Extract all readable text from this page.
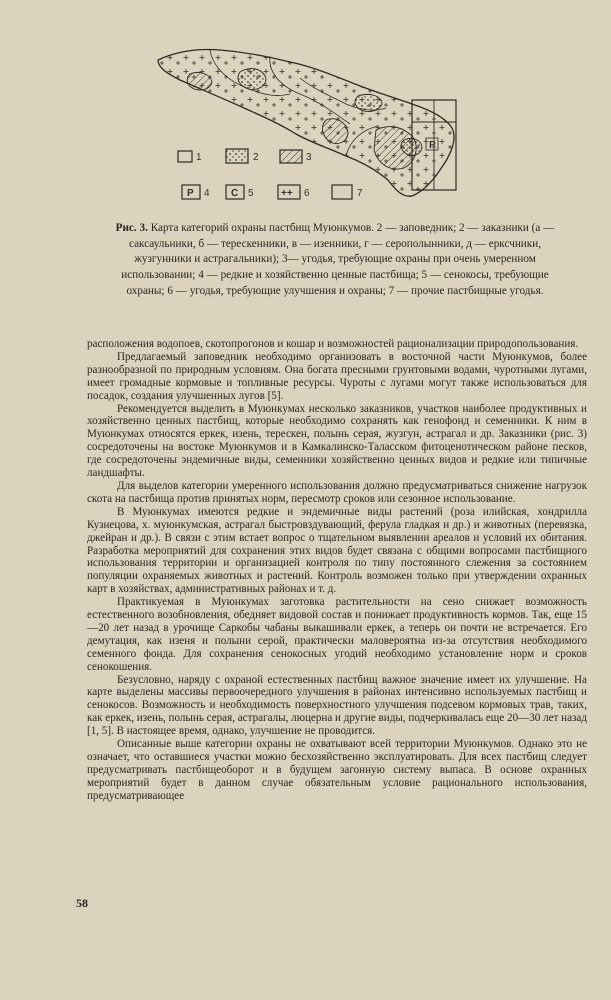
Р
1	2	3
Р 4 С 5	++ 6	7

Рис. 3. Карта категорий охраны пастбищ Муюнкумов. 2 — заповедник; 2 — заказники (а — саксаульники, б — терескенники, в — изенники, г — серополынники, д — ерксчники, жузгунники и астрагальники); 3— угодья, требующие охраны при очень умеренном использовании; 4 — редкие и хозяйственно ценные пастбища; 5 — сенокосы, требующие охраны; 6 — угодья, требующие улучшения и охраны; 7 — прочие пастбищные угодья.

расположения водопоев, скотопрогонов и кошар и возможностей рационализации природопользования.

Предлагаемый заповедник необходимо организовать в восточной части Муюнкумов, более разнообразной по природным условиям. Она богата пресными грунтовыми водами, чуротными лугами, имеет громадные кормовые и топливные ресурсы. Чуроты с лугами могут также использоваться для посадок, создания улучшенных лугов [5].

Рекомендуется выделить в Муюнкумах несколько заказников, участков наиболее продуктивных и хозяйственно ценных пастбищ, которые необходимо сохранять как генофонд и семенники. К ним в Муюнкумах относятся еркек, изень, терескен, полынь серая, жузгун, астрагал и др. Заказники (рис. 3) сосредоточены на востоке Муюнкумов и в Камкалинско-Таласском фитоценотическом районе песков, где сосредоточены эндемичные виды, семенники хозяйственно ценных видов и редкие или типичные ландшафты.

Для выделов категории умеренного использования должно предусматриваться снижение нагрузок скота на пастбища против принятых норм, пересмотр сроков или сезонное использование.

В Муюнкумах имеются редкие и эндемичные виды растений (роза илийская, хондрилла Кузнецова, х. муюнкумская, астрагал быстровздувающий, ферула гладкая и др.) и животных (перевязка, джейран и др.). В связи с этим встает вопрос о тщательном выявлении ареалов и условий их обитания. Разработка мероприятий для сохранения этих видов будет связана с общими вопросами пастбищного использования территории и организацией контроля по типу постоянного слежения за состоянием популяции охраняемых животных и растений. Контроль возможен только при утверждении охранных карт в хозяйствах, административных районах и т. д.

Практикуемая в Муюнкумах заготовка растительности на сено снижает возможность естественного возобновления, обедняет видовой состав и понижает продуктивность кормов. Так, еще 15—20 лет назад в урочище Саркобы чабаны выкашивали еркек, а теперь он почти не встречается. Его демутация, как изеня и полыни серой, практически маловероятна из-за отсутствия необходимого семенного фонда. Для сохранения сенокосных угодий необходимо установление норм и сроков сенокошения.

Безусловно, наряду с охраной естественных пастбищ важное значение имеет их улучшение. На карте выделены массивы первоочередного улучшения в районах интенсивно используемых пастбищ и сенокосов. Возможность и необходимость поверхностного улучшения подсевом кормовых трав, таких, как еркек, изень, полынь серая, астрагалы, люцерна и другие виды, подчеркивалась еще 20—30 лет назад [1, 5]. В настоящее время, однако, улучшение не проводится.

Описанные выше категории охраны не охватывают всей территории Муюнкумов. Однако это не означает, что оставшиеся участки можно бесхозяйственно эксплуатировать. Для всех пастбищ следует предусматривать пастбищеоборот и в будущем загонную систему выпаса. В основе охранных мероприятий будет в данном случае обязательным условие рационального использования, предусматривающее

58
